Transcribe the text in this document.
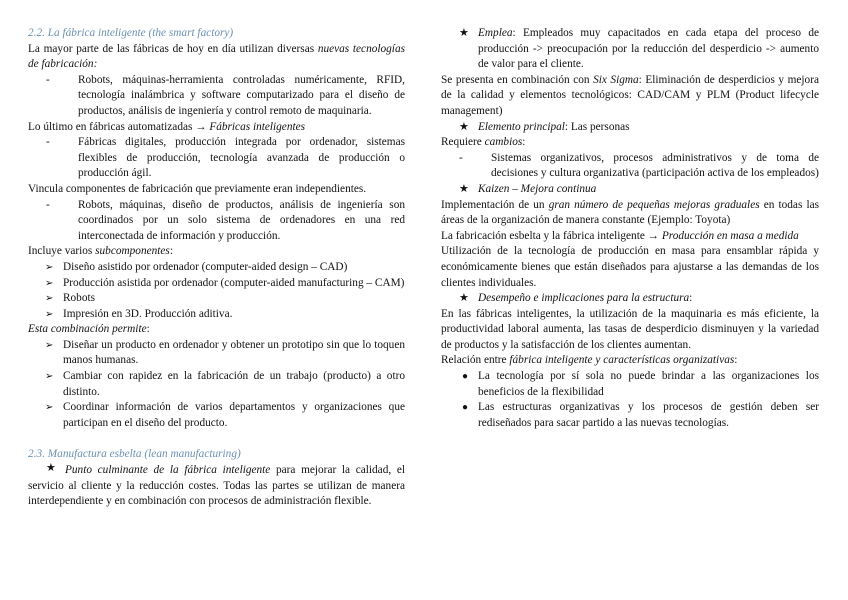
2.2. La fábrica inteligente (the smart factory)
La mayor parte de las fábricas de hoy en día utilizan diversas nuevas tecnologías de fabricación:
- Robots, máquinas-herramienta controladas numéricamente, RFID, tecnología inalámbrica y software computarizado para el diseño de productos, análisis de ingeniería y control remoto de maquinaria.
Lo último en fábricas automatizadas → Fábricas inteligentes
- Fábricas digitales, producción integrada por ordenador, sistemas flexibles de producción, tecnología avanzada de producción o producción ágil.
Vincula componentes de fabricación que previamente eran independientes.
- Robots, máquinas, diseño de productos, análisis de ingeniería son coordinados por un solo sistema de ordenadores en una red interconectada de información y producción.
Incluye varios subcomponentes:
➢ Diseño asistido por ordenador (computer-aided design – CAD)
➢ Producción asistida por ordenador (computer-aided manufacturing – CAM)
➢ Robots
➢ Impresión en 3D. Producción aditiva.
Esta combinación permite:
➢ Diseñar un producto en ordenador y obtener un prototipo sin que lo toquen manos humanas.
➢ Cambiar con rapidez en la fabricación de un trabajo (producto) a otro distinto.
➢ Coordinar información de varios departamentos y organizaciones que participan en el diseño del producto.
2.3. Manufactura esbelta (lean manufacturing)
★ Punto culminante de la fábrica inteligente para mejorar la calidad, el servicio al cliente y la reducción costes. Todas las partes se utilizan de manera interdependiente y en combinación con procesos de administración flexible.
★ Emplea: Empleados muy capacitados en cada etapa del proceso de producción -> preocupación por la reducción del desperdicio -> aumento de valor para el cliente.
Se presenta en combinación con Six Sigma: Eliminación de desperdicios y mejora de la calidad y elementos tecnológicos: CAD/CAM y PLM (Product lifecycle management)
★ Elemento principal: Las personas
Requiere cambios:
- Sistemas organizativos, procesos administrativos y de toma de decisiones y cultura organizativa (participación activa de los empleados)
★ Kaizen – Mejora continua
Implementación de un gran número de pequeñas mejoras graduales en todas las áreas de la organización de manera constante (Ejemplo: Toyota)
La fabricación esbelta y la fábrica inteligente → Producción en masa a medida
Utilización de la tecnología de producción en masa para ensamblar rápida y económicamente bienes que están diseñados para ajustarse a las demandas de los clientes individuales.
★ Desempeño e implicaciones para la estructura:
En las fábricas inteligentes, la utilización de la maquinaria es más eficiente, la productividad laboral aumenta, las tasas de desperdicio disminuyen y la variedad de productos y la satisfacción de los clientes aumentan.
Relación entre fábrica inteligente y características organizativas:
● La tecnología por sí sola no puede brindar a las organizaciones los beneficios de la flexibilidad
● Las estructuras organizativas y los procesos de gestión deben ser rediseñados para sacar partido a las nuevas tecnologías.
